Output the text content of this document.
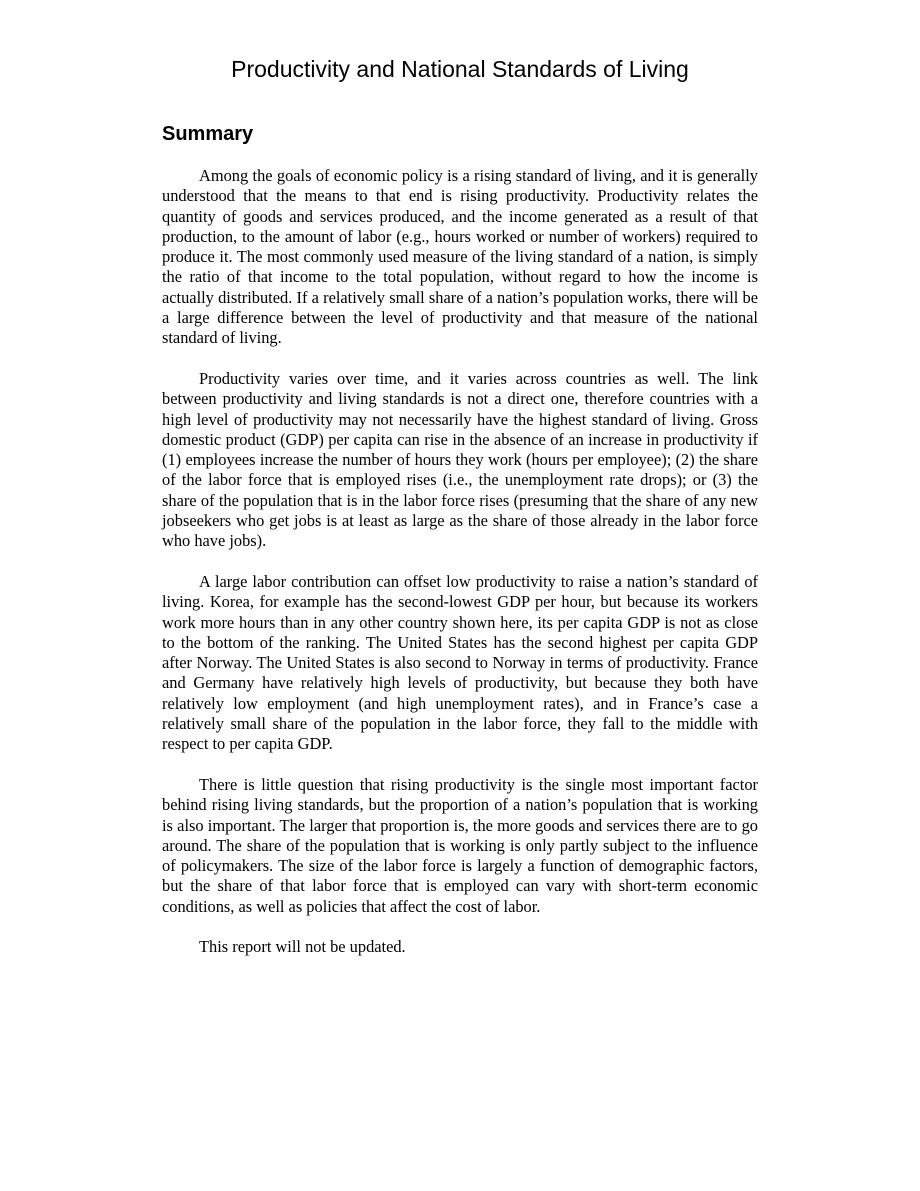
Productivity and National Standards of Living
Summary

Among the goals of economic policy is a rising standard of living, and it is generally understood that the means to that end is rising productivity. Productivity relates the quantity of goods and services produced, and the income generated as a result of that production, to the amount of labor (e.g., hours worked or number of workers) required to produce it. The most commonly used measure of the living standard of a nation, is simply the ratio of that income to the total population, without regard to how the income is actually distributed. If a relatively small share of a nation’s population works, there will be a large difference between the level of productivity and that measure of the national standard of living.

Productivity varies over time, and it varies across countries as well. The link between productivity and living standards is not a direct one, therefore countries with a high level of productivity may not necessarily have the highest standard of living. Gross domestic product (GDP) per capita can rise in the absence of an increase in productivity if (1) employees increase the number of hours they work (hours per employee); (2) the share of the labor force that is employed rises (i.e., the unemployment rate drops); or (3) the share of the population that is in the labor force rises (presuming that the share of any new jobseekers who get jobs is at least as large as the share of those already in the labor force who have jobs).

A large labor contribution can offset low productivity to raise a nation’s standard of living. Korea, for example has the second-lowest GDP per hour, but because its workers work more hours than in any other country shown here, its per capita GDP is not as close to the bottom of the ranking. The United States has the second highest per capita GDP after Norway. The United States is also second to Norway in terms of productivity. France and Germany have relatively high levels of productivity, but because they both have relatively low employment (and high unemployment rates), and in France’s case a relatively small share of the population in the labor force, they fall to the middle with respect to per capita GDP.

There is little question that rising productivity is the single most important factor behind rising living standards, but the proportion of a nation’s population that is working is also important. The larger that proportion is, the more goods and services there are to go around. The share of the population that is working is only partly subject to the influence of policymakers. The size of the labor force is largely a function of demographic factors, but the share of that labor force that is employed can vary with short-term economic conditions, as well as policies that affect the cost of labor.

This report will not be updated.
